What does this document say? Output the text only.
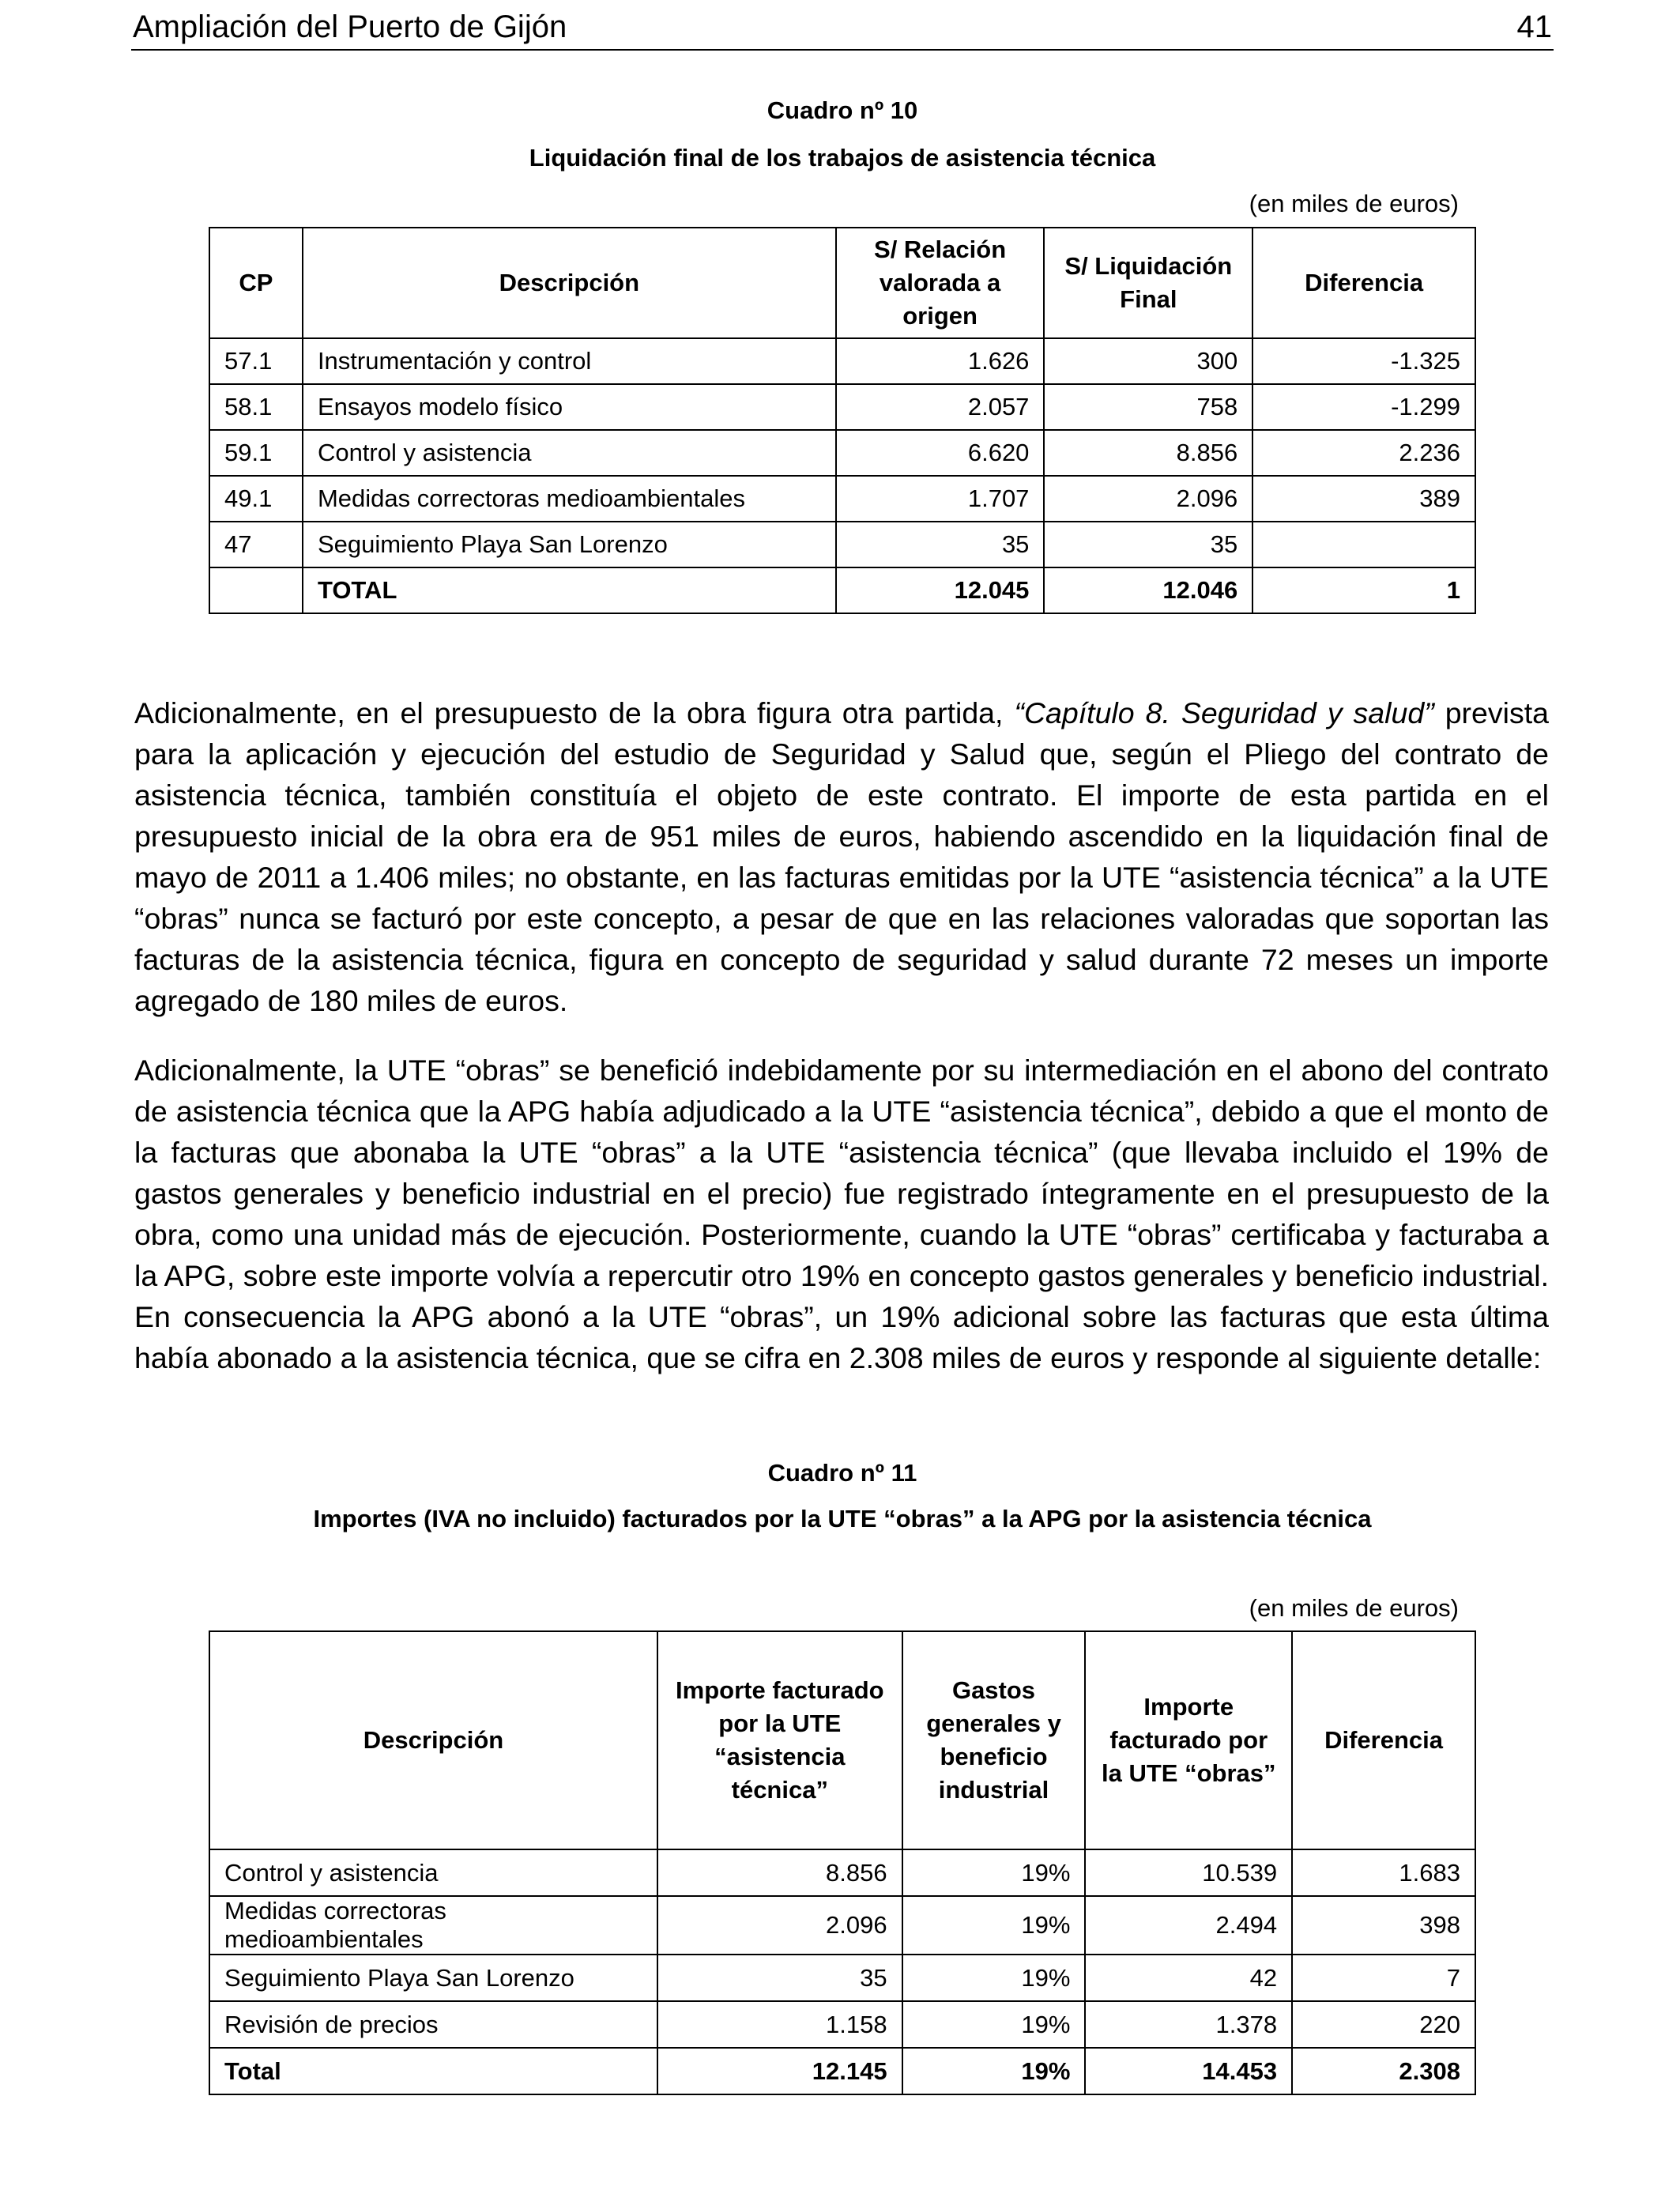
Ampliación del Puerto de Gijón	41
Cuadro nº 10
Liquidación final de los trabajos de asistencia técnica
(en miles de euros)
CP	Descripción	S/ Relación valorada a origen	S/ Liquidación Final	Diferencia
57.1	Instrumentación y control	1.626	300	-1.325
58.1	Ensayos modelo físico	2.057	758	-1.299
59.1	Control y asistencia	6.620	8.856	2.236
49.1	Medidas correctoras medioambientales	1.707	2.096	389
47	Seguimiento Playa San Lorenzo	35	35	
	TOTAL	12.045	12.046	1
Adicionalmente, en el presupuesto de la obra figura otra partida, “Capítulo 8. Seguridad y salud” prevista para la aplicación y ejecución del estudio de Seguridad y Salud que, según el Pliego del contrato de asistencia técnica, también constituía el objeto de este contrato. El importe de esta partida en el presupuesto inicial de la obra era de 951 miles de euros, habiendo ascendido en la liquidación final de mayo de 2011 a 1.406 miles; no obstante, en las facturas emitidas por la UTE “asistencia técnica” a la UTE “obras” nunca se facturó por este concepto, a pesar de que en las relaciones valoradas que soportan las facturas de la asistencia técnica, figura en concepto de seguridad y salud durante 72 meses un importe agregado de 180 miles de euros.
Adicionalmente, la UTE “obras” se benefició indebidamente por su intermediación en el abono del contrato de asistencia técnica que la APG había adjudicado a la UTE “asistencia técnica”, debido a que el monto de la facturas que abonaba la UTE “obras” a la UTE “asistencia técnica” (que llevaba incluido el 19% de gastos generales y beneficio industrial en el precio) fue registrado íntegramente en el presupuesto de la obra, como una unidad más de ejecución. Posteriormente, cuando la UTE “obras” certificaba y facturaba a la APG, sobre este importe volvía a repercutir otro 19% en concepto gastos generales y beneficio industrial. En consecuencia la APG abonó a la UTE “obras”, un 19% adicional sobre las facturas que esta última había abonado a la asistencia técnica, que se cifra en 2.308 miles de euros y responde al siguiente detalle:
Cuadro nº 11
Importes (IVA no incluido) facturados por la UTE “obras” a la APG por la asistencia técnica
(en miles de euros)
Descripción	Importe facturado por la UTE “asistencia técnica”	Gastos generales y beneficio industrial	Importe facturado por la UTE “obras”	Diferencia
Control y asistencia	8.856	19%	10.539	1.683
Medidas correctoras medioambientales	2.096	19%	2.494	398
Seguimiento Playa San Lorenzo	35	19%	42	7
Revisión de precios	1.158	19%	1.378	220
Total	12.145	19%	14.453	2.308
